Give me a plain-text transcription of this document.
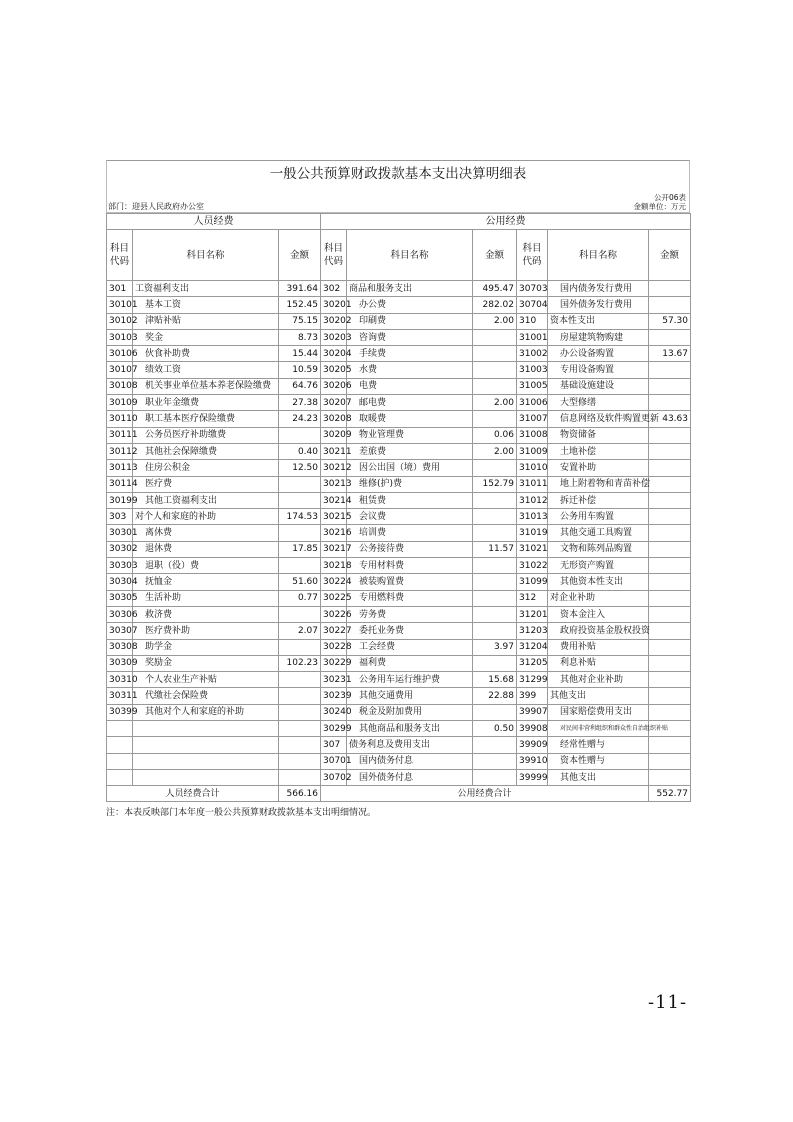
一般公共预算财政拨款基本支出决算明细表
公开06表
部门：迎县人民政府办公室	金额单位：万元
人员经费			公用经费					
科目代码	科目名称	金额	科目代码	科目名称	金额	科目代码	科目名称	金额
301	工资福利支出	391.64	302	商品和服务支出	495.47	30703	国内债务发行费用	
30101	基本工资	152.45	30201	办公费	282.02	30704	国外债务发行费用	
30102	津贴补贴	75.15	30202	印刷费	2.00	310	资本性支出	57.30
30103	奖金	8.73	30203	咨询费		31001	房屋建筑物购建	
30106	伙食补助费	15.44	30204	手续费		31002	办公设备购置	13.67
30107	绩效工资	10.59	30205	水费		31003	专用设备购置	
30108	机关事业单位基本养老保险缴费	64.76	30206	电费		31005	基础设施建设	
30109	职业年金缴费	27.38	30207	邮电费	2.00	31006	大型修缮	
30110	职工基本医疗保险缴费	24.23	30208	取暖费		31007	信息网络及软件购置更新	43.63
30111	公务员医疗补助缴费		30209	物业管理费	0.06	31008	物资储备	
30112	其他社会保障缴费	0.40	30211	差旅费	2.00	31009	土地补偿	
30113	住房公积金	12.50	30212	因公出国（境）费用		31010	安置补助	
30114	医疗费		30213	维修(护)费	152.79	31011	地上附着物和青苗补偿	
30199	其他工资福利支出		30214	租赁费		31012	拆迁补偿	
303	对个人和家庭的补助	174.53	30215	会议费		31013	公务用车购置	
30301	离休费		30216	培训费		31019	其他交通工具购置	
30302	退休费	17.85	30217	公务接待费	11.57	31021	文物和陈列品购置	
30303	退职（役）费		30218	专用材料费		31022	无形资产购置	
30304	抚恤金	51.60	30224	被装购置费		31099	其他资本性支出	
30305	生活补助	0.77	30225	专用燃料费		312	对企业补助	
30306	救济费		30226	劳务费		31201	资本金注入	
30307	医疗费补助	2.07	30227	委托业务费		31203	政府投资基金股权投资	
30308	助学金		30228	工会经费	3.97	31204	费用补贴	
30309	奖励金	102.23	30229	福利费		31205	利息补贴	
30310	个人农业生产补贴		30231	公务用车运行维护费	15.68	31299	其他对企业补助	
30311	代缴社会保险费		30239	其他交通费用	22.88	399	其他支出	
30399	其他对个人和家庭的补助		30240	税金及附加费用		39907	国家赔偿费用支出	
			30299	其他商品和服务支出	0.50	39908	对民间非营利组织和群众性自治组织补贴	
			307	债务利息及费用支出		39909	经常性赠与	
			30701	国内债务付息		39910	资本性赠与	
			30702	国外债务付息		39999	其他支出	
人员经费合计		566.16	公用经费合计					552.77
注：本表反映部门本年度一般公共预算财政拨款基本支出明细情况。
-11-
